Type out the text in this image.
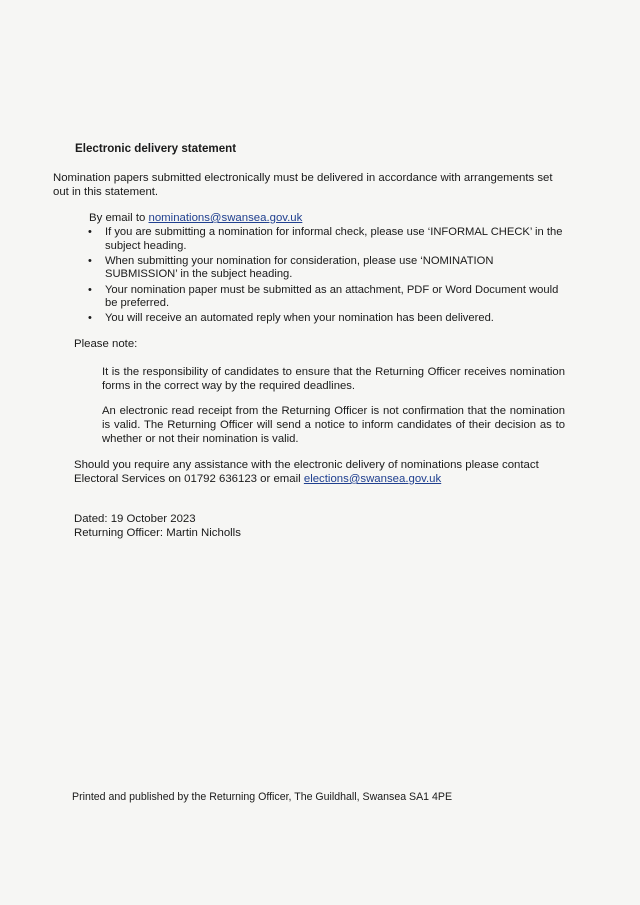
Electronic delivery statement
Nomination papers submitted electronically must be delivered in accordance with arrangements set out in this statement.
By email to nominations@swansea.gov.uk
• If you are submitting a nomination for informal check, please use ‘INFORMAL CHECK’ in the subject heading.
• When submitting your nomination for consideration, please use ‘NOMINATION SUBMISSION’ in the subject heading.
• Your nomination paper must be submitted as an attachment, PDF or Word Document would be preferred.
• You will receive an automated reply when your nomination has been delivered.
Please note:
It is the responsibility of candidates to ensure that the Returning Officer receives nomination forms in the correct way by the required deadlines.
An electronic read receipt from the Returning Officer is not confirmation that the nomination is valid. The Returning Officer will send a notice to inform candidates of their decision as to whether or not their nomination is valid.
Should you require any assistance with the electronic delivery of nominations please contact Electoral Services on 01792 636123 or email elections@swansea.gov.uk
Dated: 19 October 2023
Returning Officer: Martin Nicholls
Printed and published by the Returning Officer, The Guildhall, Swansea SA1 4PE
